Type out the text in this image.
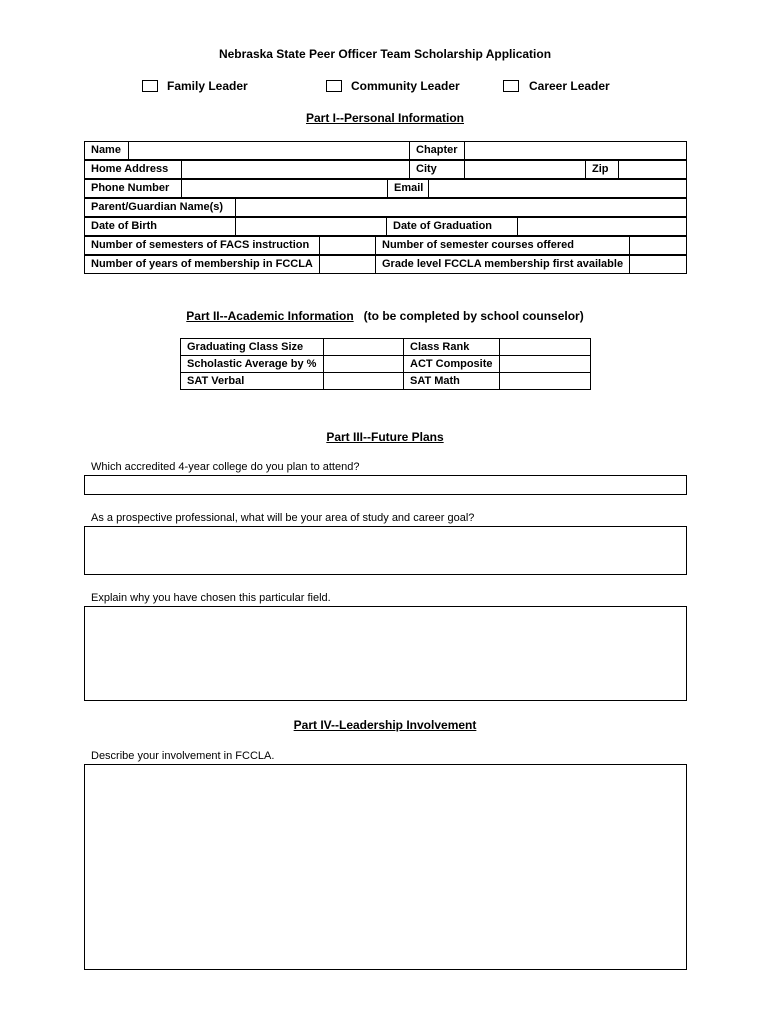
Nebraska State Peer Officer Team Scholarship Application
Family Leader	Community Leader	Career Leader
Part I--Personal Information
Name	Chapter
Home Address	City	Zip
Phone Number	Email
Parent/Guardian Name(s)
Date of Birth	Date of Graduation
Number of semesters of FACS instruction	Number of semester courses offered
Number of years of membership in FCCLA	Grade level FCCLA membership first available
Part II--Academic Information (to be completed by school counselor)
Graduating Class Size		Class Rank	
Scholastic Average by %		ACT Composite	
SAT Verbal		SAT Math	
Part III--Future Plans
Which accredited 4-year college do you plan to attend?
As a prospective professional, what will be your area of study and career goal?
Explain why you have chosen this particular field.
Part IV--Leadership Involvement
Describe your involvement in FCCLA.
